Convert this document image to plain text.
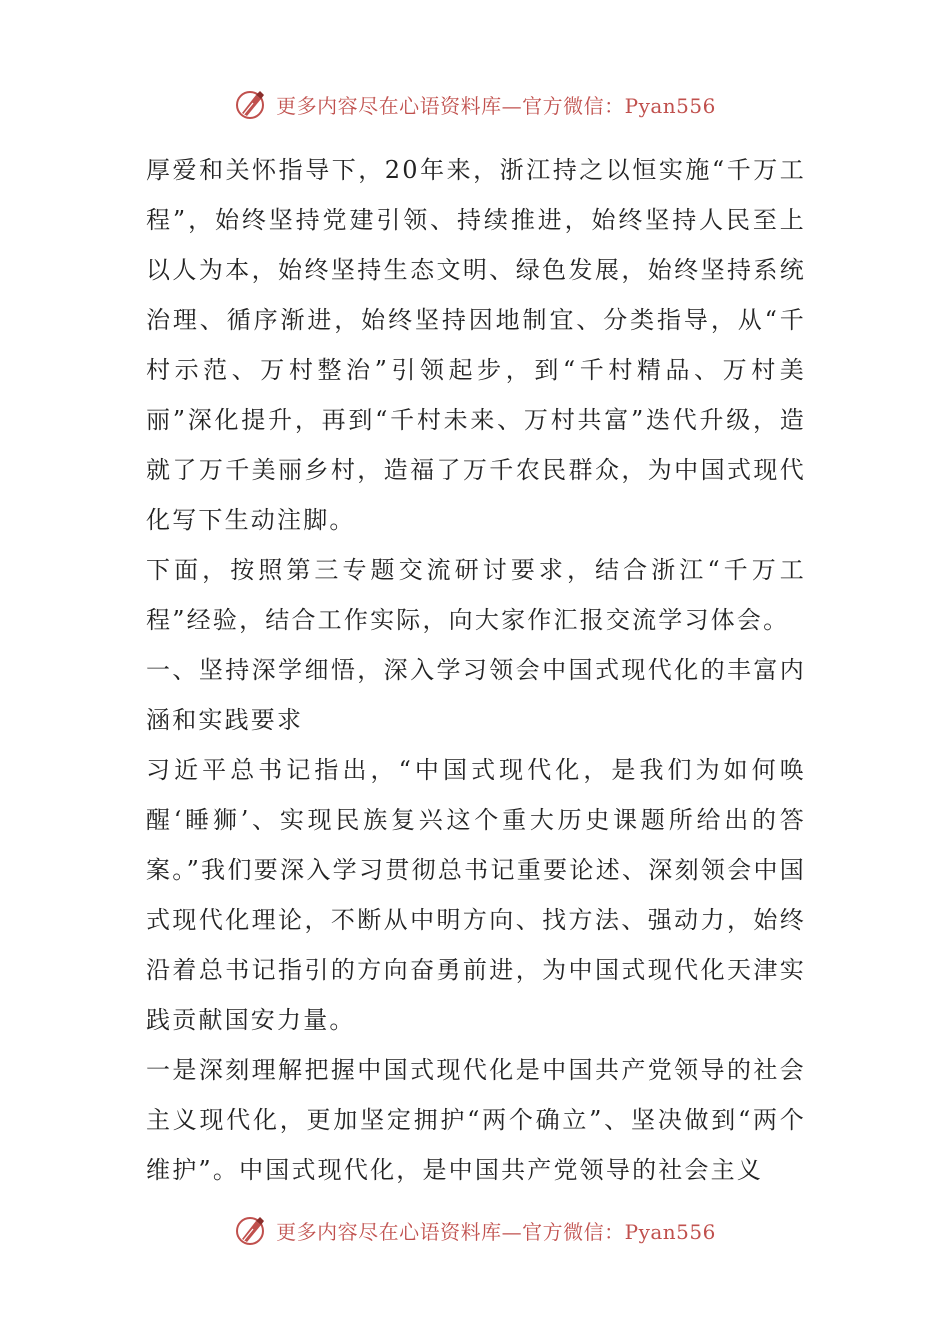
更多内容尽在心语资料库—官方微信：Pyan556

厚爱和关怀指导下，20年来，浙江持之以恒实施“千万工程”，始终坚持党建引领、持续推进，始终坚持人民至上以人为本，始终坚持生态文明、绿色发展，始终坚持系统治理、循序渐进，始终坚持因地制宜、分类指导，从“千村示范、万村整治”引领起步，到“千村精品、万村美丽”深化提升，再到“千村未来、万村共富”迭代升级，造就了万千美丽乡村，造福了万千农民群众，为中国式现代化写下生动注脚。

下面，按照第三专题交流研讨要求，结合浙江“千万工程”经验，结合工作实际，向大家作汇报交流学习体会。

一、坚持深学细悟，深入学习领会中国式现代化的丰富内涵和实践要求

习近平总书记指出，“中国式现代化，是我们为如何唤醒‘睡狮’、实现民族复兴这个重大历史课题所给出的答案。”我们要深入学习贯彻总书记重要论述、深刻领会中国式现代化理论，不断从中明方向、找方法、强动力，始终沿着总书记指引的方向奋勇前进，为中国式现代化天津实践贡献国安力量。

一是深刻理解把握中国式现代化是中国共产党领导的社会主义现代化，更加坚定拥护“两个确立”、坚决做到“两个维护”。中国式现代化，是中国共产党领导的社会主义

更多内容尽在心语资料库—官方微信：Pyan556
